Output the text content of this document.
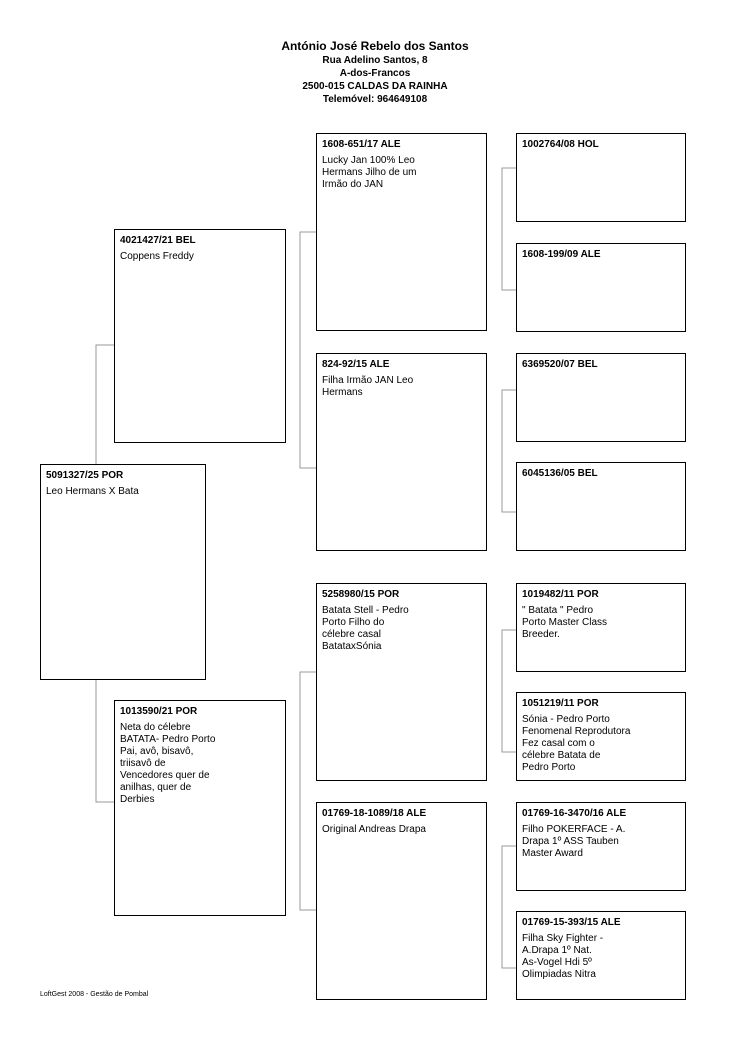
António José Rebelo dos Santos
Rua Adelino Santos, 8
A-dos-Francos
2500-015 CALDAS DA RAINHA
Telemóvel: 964649108
5091327/25 POR
Leo Hermans X Bata
4021427/21 BEL
Coppens Freddy
1013590/21 POR
Neta do célebre
BATATA- Pedro Porto
Pai, avô, bisavô,
triisavô de
Vencedores quer de
anilhas, quer de
Derbies
1608-651/17 ALE
Lucky Jan 100% Leo
Hermans Jilho de um
Irmão do JAN
824-92/15 ALE
Filha Irmão JAN Leo
Hermans
5258980/15 POR
Batata Stell - Pedro
Porto Filho do
célebre casal
BatataxSónia
01769-18-1089/18 ALE
Original Andreas Drapa
1002764/08 HOL
1608-199/09 ALE
6369520/07 BEL
6045136/05 BEL
1019482/11 POR
" Batata " Pedro
Porto Master Class
Breeder.
1051219/11 POR
Sónia - Pedro Porto
Fenomenal Reprodutora
Fez casal com o
célebre Batata de
Pedro Porto
01769-16-3470/16 ALE
Filho POKERFACE - A.
Drapa 1º ASS Tauben
Master Award
01769-15-393/15 ALE
Filha Sky Fighter -
A.Drapa 1º Nat.
As-Vogel Hdi 5º
Olimpiadas Nitra
LoftGest 2008 - Gestão de Pombal
